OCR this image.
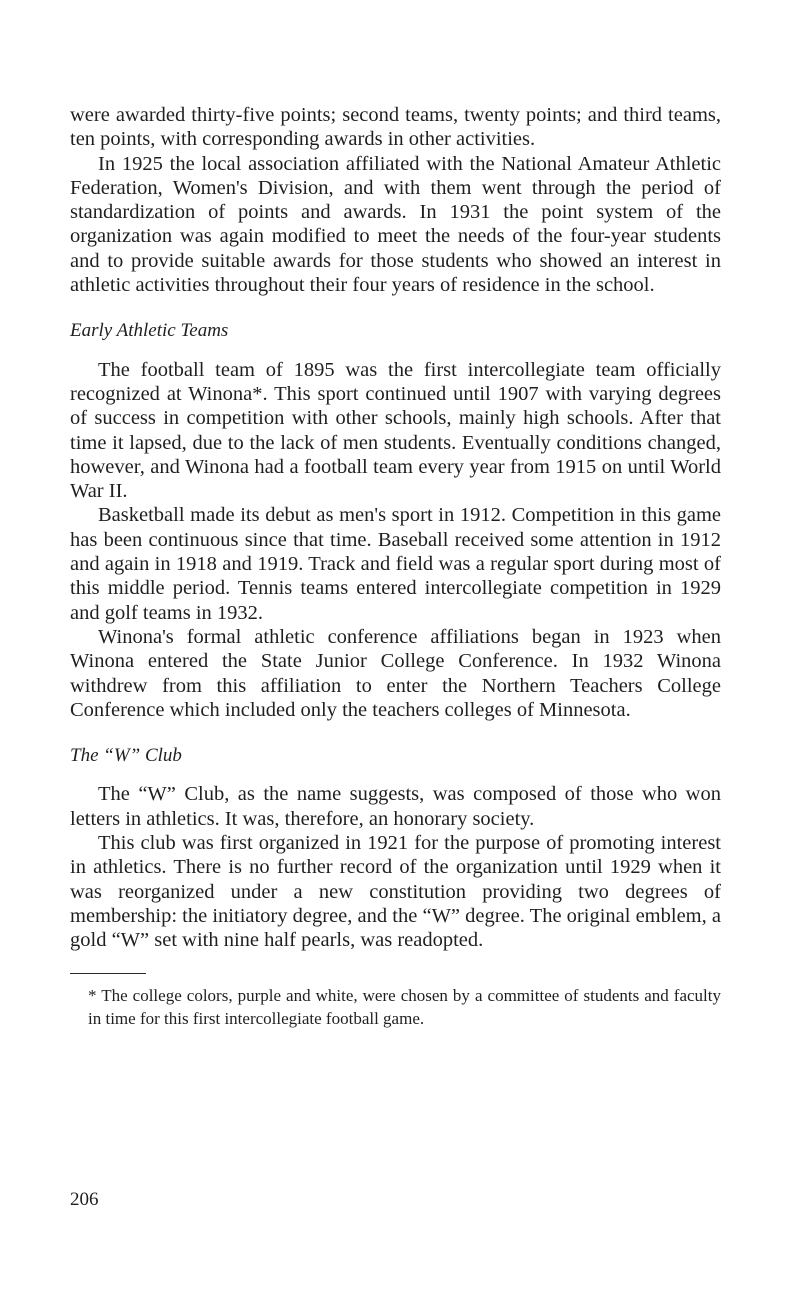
were awarded thirty-five points; second teams, twenty points; and third teams, ten points, with corresponding awards in other activities.

In 1925 the local association affiliated with the National Amateur Athletic Federation, Women's Division, and with them went through the period of standardization of points and awards. In 1931 the point system of the organization was again modified to meet the needs of the four-year students and to provide suitable awards for those students who showed an interest in athletic activities throughout their four years of residence in the school.

Early Athletic Teams

The football team of 1895 was the first intercollegiate team officially recognized at Winona*. This sport continued until 1907 with varying degrees of success in competition with other schools, mainly high schools. After that time it lapsed, due to the lack of men students. Eventually conditions changed, however, and Winona had a football team every year from 1915 on until World War II.

Basketball made its debut as men's sport in 1912. Competition in this game has been continuous since that time. Baseball received some attention in 1912 and again in 1918 and 1919. Track and field was a regular sport during most of this middle period. Tennis teams entered intercollegiate competition in 1929 and golf teams in 1932.

Winona's formal athletic conference affiliations began in 1923 when Winona entered the State Junior College Conference. In 1932 Winona withdrew from this affiliation to enter the Northern Teachers College Conference which included only the teachers colleges of Minnesota.

The “W” Club

The “W” Club, as the name suggests, was composed of those who won letters in athletics. It was, therefore, an honorary society.

This club was first organized in 1921 for the purpose of promoting interest in athletics. There is no further record of the organization until 1929 when it was reorganized under a new constitution providing two degrees of membership: the initiatory degree, and the “W” degree. The original emblem, a gold “W” set with nine half pearls, was readopted.

* The college colors, purple and white, were chosen by a committee of students and faculty in time for this first intercollegiate football game.

206
